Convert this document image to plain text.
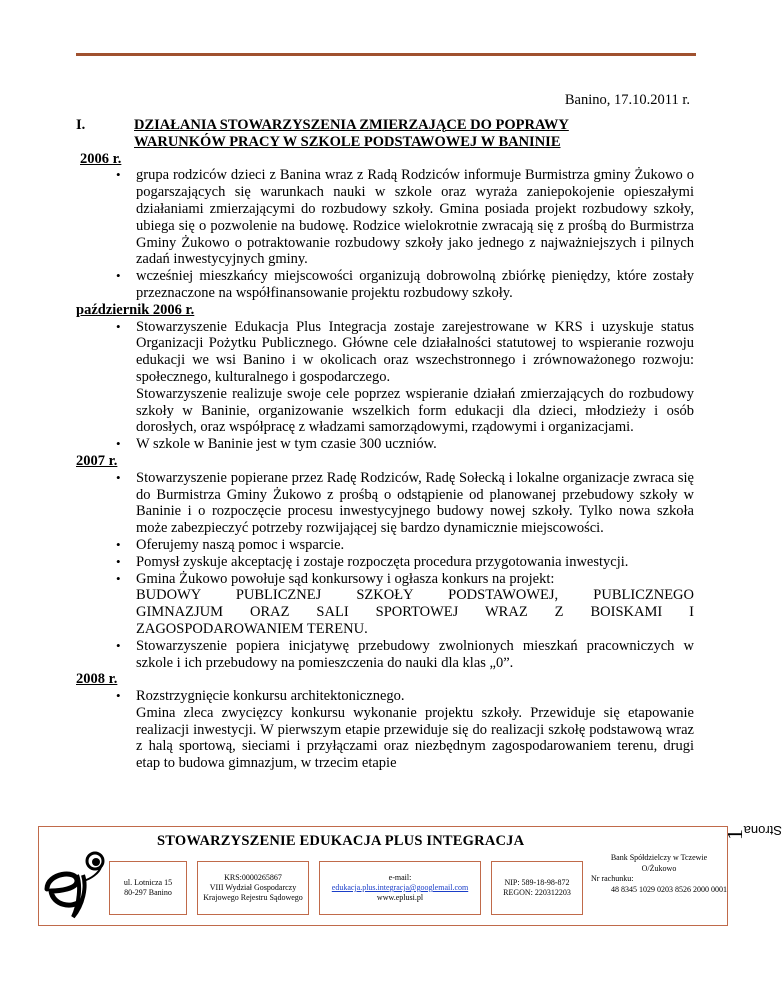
Banino, 17.10.2011 r.
I.	DZIAŁANIA STOWARZYSZENIA ZMIERZAJĄCE DO POPRAWY
WARUNKÓW PRACY W SZKOLE PODSTAWOWEJ W BANINIE
2006 r.
• grupa rodziców dzieci z Banina wraz z Radą Rodziców informuje Burmistrza gminy Żukowo o pogarszających się warunkach nauki w szkole oraz wyraża zaniepokojenie opieszałymi działaniami zmierzającymi do rozbudowy szkoły. Gmina posiada projekt rozbudowy szkoły, ubiega się o pozwolenie na budowę. Rodzice wielokrotnie zwracają się z prośbą do Burmistrza Gminy Żukowo o potraktowanie rozbudowy szkoły jako jednego z najważniejszych i pilnych zadań inwestycyjnych gminy.
• wcześniej mieszkańcy miejscowości organizują dobrowolną zbiórkę pieniędzy, które zostały przeznaczone na współfinansowanie projektu rozbudowy szkoły.
październik 2006 r.
• Stowarzyszenie Edukacja Plus Integracja zostaje zarejestrowane w KRS i uzyskuje status Organizacji Pożytku Publicznego. Główne cele działalności statutowej to wspieranie rozwoju edukacji we wsi Banino i w okolicach oraz wszechstronnego i zrównoważonego rozwoju: społecznego, kulturalnego i gospodarczego.
Stowarzyszenie realizuje swoje cele poprzez wspieranie działań zmierzających do rozbudowy szkoły w Baninie, organizowanie wszelkich form edukacji dla dzieci, młodzieży i osób dorosłych, oraz współpracę z władzami samorządowymi, rządowymi i organizacjami.
• W szkole w Baninie jest w tym czasie 300 uczniów.
2007 r.
• Stowarzyszenie popierane przez Radę Rodziców, Radę Sołecką i lokalne organizacje zwraca się do Burmistrza Gminy Żukowo z prośbą o odstąpienie od planowanej przebudowy szkoły w Baninie i o rozpoczęcie procesu inwestycyjnego budowy nowej szkoły. Tylko nowa szkoła może zabezpieczyć potrzeby rozwijającej się bardzo dynamicznie miejscowości.
• Oferujemy naszą pomoc i wsparcie.
• Pomysł zyskuje akceptację i zostaje rozpoczęta procedura przygotowania inwestycji.
• Gmina Żukowo powołuje sąd konkursowy i ogłasza konkurs na projekt:
BUDOWY PUBLICZNEJ SZKOŁY PODSTAWOWEJ, PUBLICZNEGO
GIMNAZJUM ORAZ SALI SPORTOWEJ WRAZ Z BOISKAMI I
ZAGOSPODAROWANIEM TERENU.
• Stowarzyszenie popiera inicjatywę przebudowy zwolnionych mieszkań pracowniczych w szkole i ich przebudowy na pomieszczenia do nauki dla klas „0”.
2008 r.
• Rozstrzygnięcie konkursu architektonicznego.
Gmina zleca zwycięzcy konkursu wykonanie projektu szkoły. Przewiduje się etapowanie realizacji inwestycji. W pierwszym etapie przewiduje się do realizacji szkołę podstawową wraz z halą sportową, sieciami i przyłączami oraz niezbędnym zagospodarowaniem terenu, drugi etap to budowa gimnazjum, w trzecim etapie
Strona
1
STOWARZYSZENIE EDUKACJA PLUS INTEGRACJA
ul. Lotnicza 15
80-297 Banino
KRS:0000265867
VIII Wydział Gospodarczy
Krajowego Rejestru Sądowego
e-mail:
edukacja.plus.integracja@googlemail.com
www.eplusi.pl
NIP: 589-18-98-872
REGON: 220312203
Bank Spółdzielczy w Tczewie
O/Żukowo
Nr rachunku:
48 8345 1029 0203 8526 2000 0001
